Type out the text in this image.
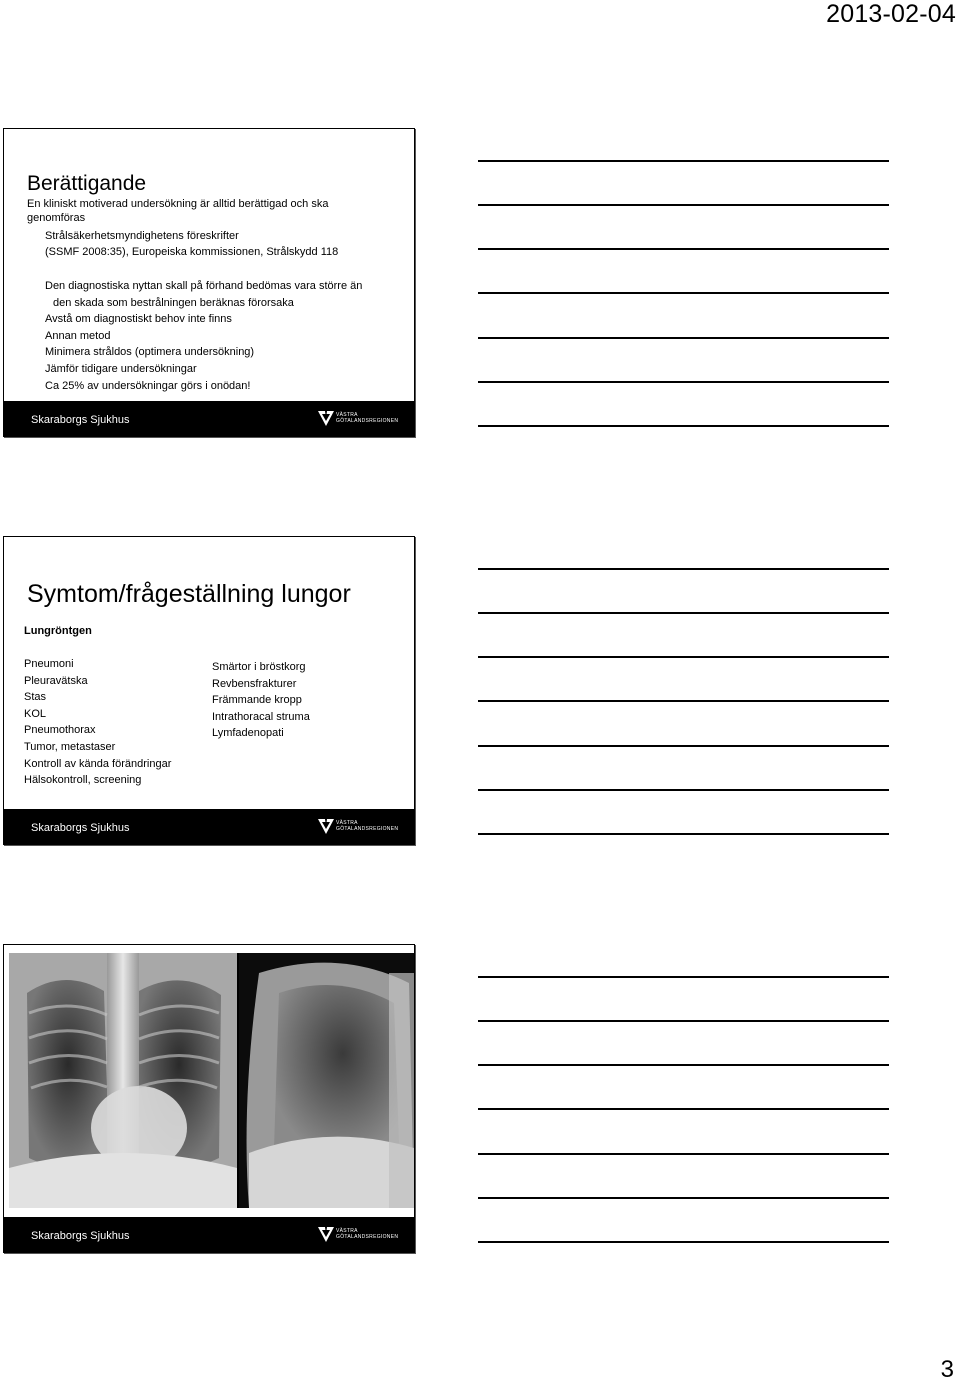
2013-02-04
Berättigande
En kliniskt motiverad undersökning är alltid berättigad och ska genomföras
Strålsäkerhetsmyndighetens föreskrifter
(SSMF 2008:35), Europeiska kommissionen, Strålskydd 118
Den diagnostiska nyttan skall på förhand bedömas vara större än
den skada som bestrålningen beräknas förorsaka
Avstå om diagnostiskt behov inte finns
Annan metod
Minimera stråldos (optimera undersökning)
Jämför tidigare undersökningar
Ca 25% av undersökningar görs i onödan!
Skaraborgs Sjukhus	VÄSTRA
GÖTALANDSREGIONEN
Symtom/frågeställning lungor
Lungröntgen
Pneumoni
Pleuravätska
Stas
KOL
Pneumothorax
Tumor, metastaser
Kontroll av kända förändringar
Hälsokontroll, screening
Smärtor i bröstkorg
Revbensfrakturer
Främmande kropp
Intrathoracal struma
Lymfadenopati
Skaraborgs Sjukhus	VÄSTRA
GÖTALANDSREGIONEN
Skaraborgs Sjukhus	VÄSTRA
GÖTALANDSREGIONEN
3
